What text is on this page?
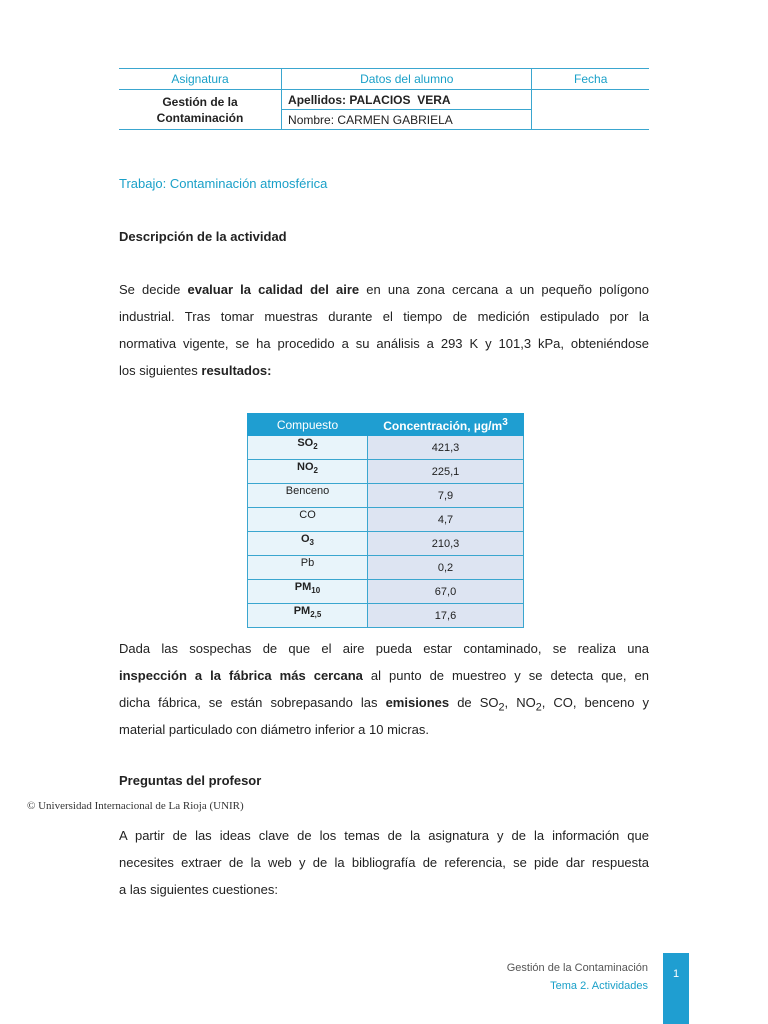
Asignatura	Datos del alumno	Fecha
Gestión de la Contaminación	Apellidos: PALACIOS  VERA	
	Nombre: CARMEN GABRIELA	
Trabajo: Contaminación atmosférica
Descripción de la actividad
Se decide evaluar la calidad del aire en una zona cercana a un pequeño polígono
industrial. Tras tomar muestras durante el tiempo de medición estipulado por la
normativa vigente, se ha procedido a su análisis a 293 K y 101,3 kPa, obteniéndose
los siguientes resultados:
Compuesto	Concentración, $\mu g/m^3$
$SO_2$	421,3
$NO_2$	225,1
Benceno	7,9
CO	4,7
$O_3$	210,3
Pb	0,2
$PM_{10}$	67,0
$PM_{2,5}$	17,6
Dada las sospechas de que el aire pueda estar contaminado, se realiza una
inspección a la fábrica más cercana al punto de muestreo y se detecta que, en
dicha fábrica, se están sobrepasando las emisiones de $SO_2$, $NO_2$, CO, benceno y
material particulado con diámetro inferior a 10 micras.
Preguntas del profesor
© Universidad Internacional de La Rioja (UNIR)
A partir de las ideas clave de los temas de la asignatura y de la información que
necesites extraer de la web y de la bibliografía de referencia, se pide dar respuesta
a las siguientes cuestiones:
Gestión de la Contaminación
Tema 2. Actividades
1
